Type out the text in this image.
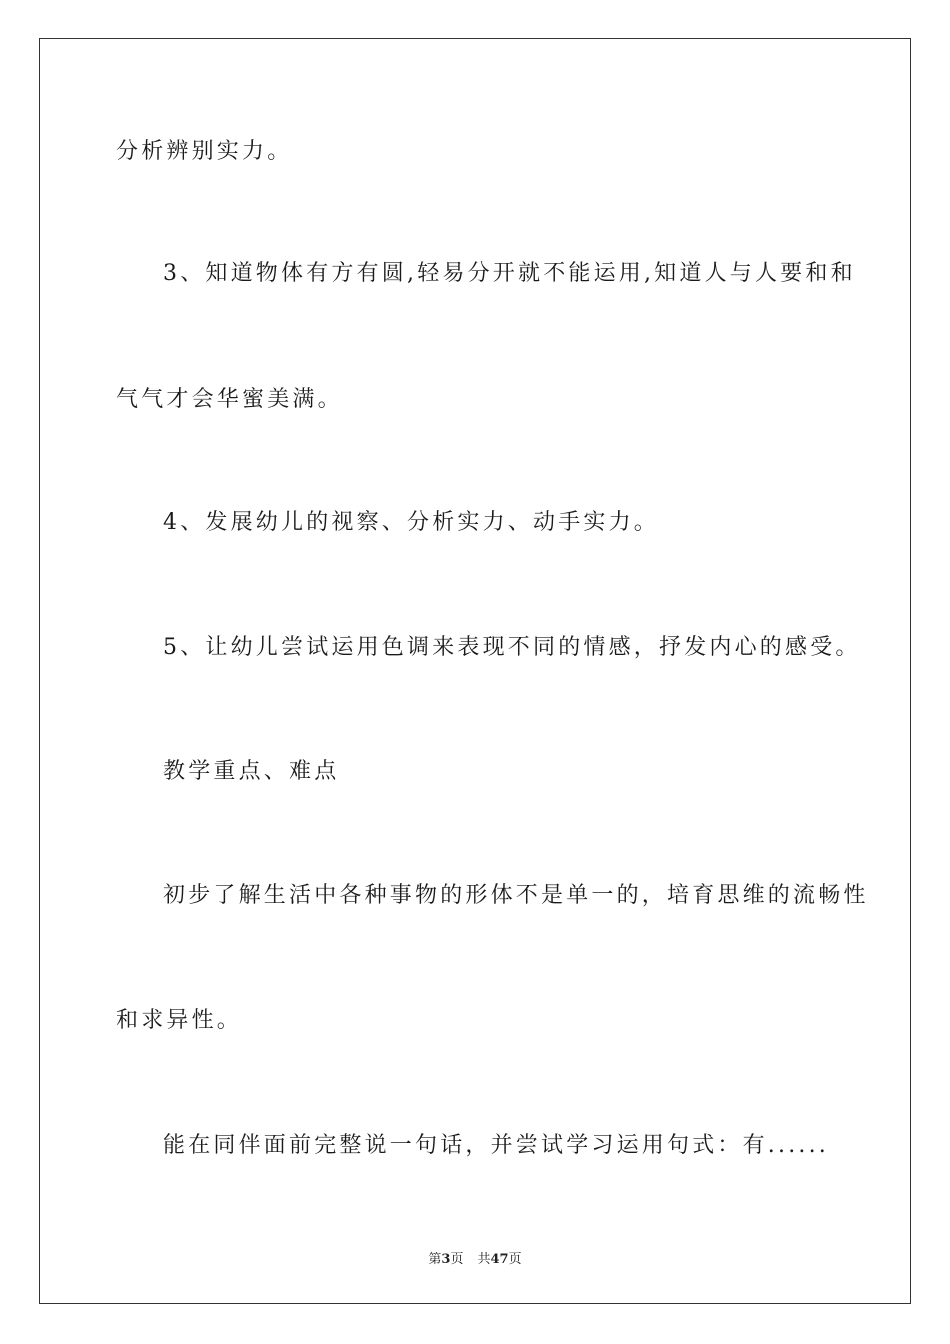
分析辨别实力。
3、知道物体有方有圆,轻易分开就不能运用,知道人与人要和和
气气才会华蜜美满。
4、发展幼儿的视察、分析实力、动手实力。
5、让幼儿尝试运用色调来表现不同的情感，抒发内心的感受。
教学重点、难点
初步了解生活中各种事物的形体不是单一的，培育思维的流畅性
和求异性。
能在同伴面前完整说一句话，并尝试学习运用句式：有......
第3页 共47页
